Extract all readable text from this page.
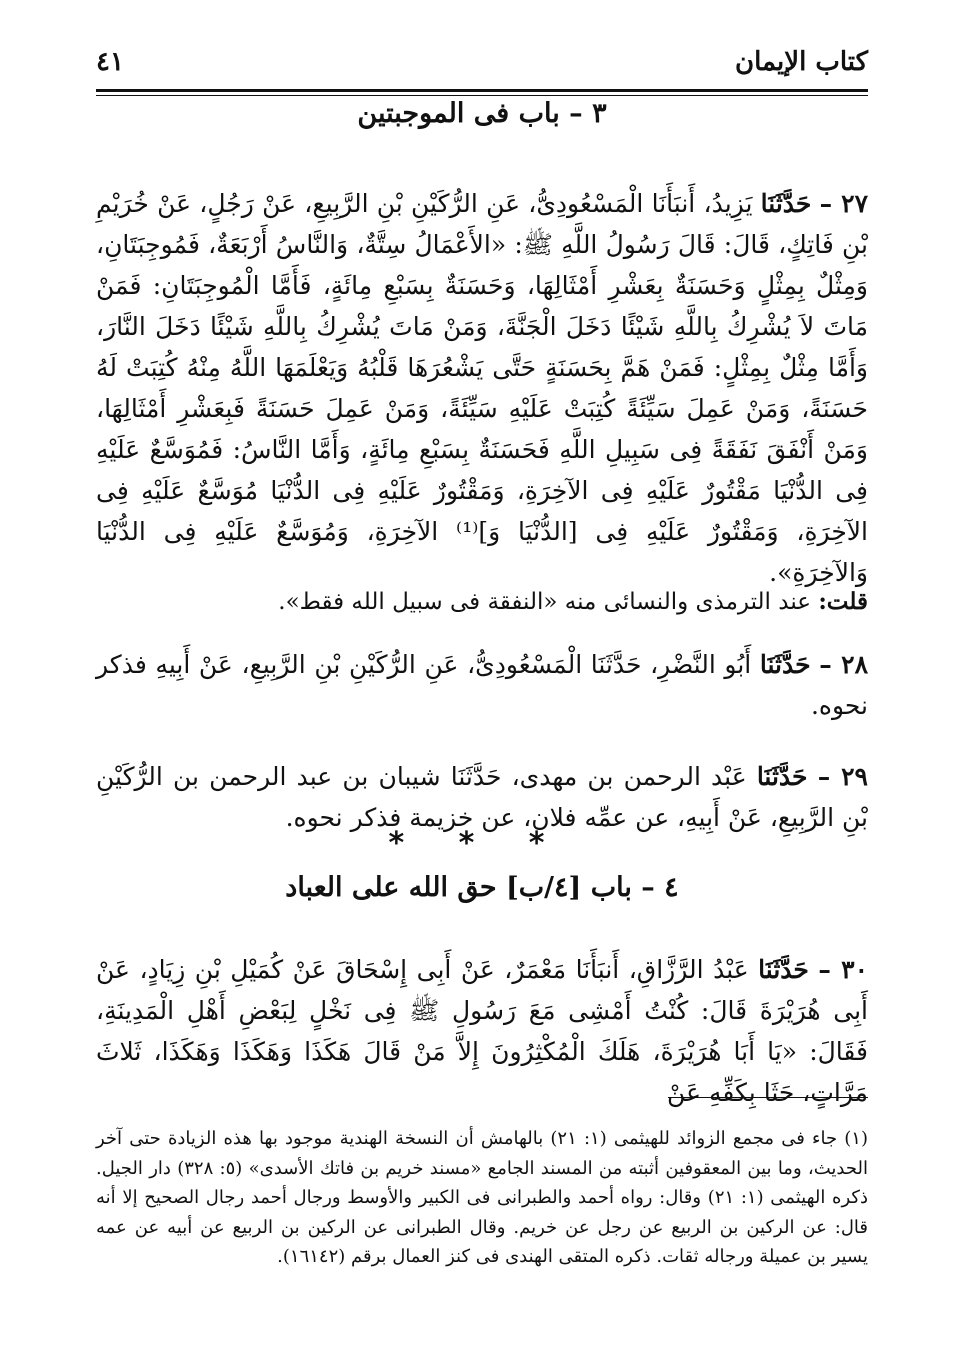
كتاب الإيمان
٤١
٣ – باب فى الموجبتين

٢٧ – حَدَّثَنَا يَزِيدُ، أَنبَأَنَا الْمَسْعُودِىُّ، عَنِ الرُّكَيْنِ بْنِ الرَّبِيعِ، عَنْ رَجُلٍ، عَنْ خُرَيْمِ بْنِ فَاتِكٍ، قَالَ: قَالَ رَسُولُ اللَّهِ ﷺ: «الأَعْمَالُ سِتَّةٌ، وَالنَّاسُ أَرْبَعَةٌ، فَمُوجِبَتَانِ، وَمِثْلٌ بِمِثْلٍ وَحَسَنَةٌ بِعَشْرِ أَمْثَالِهَا، وَحَسَنَةٌ بِسَبْعِ مِائَةٍ، فَأَمَّا الْمُوجِبَتَانِ: فَمَنْ مَاتَ لاَ يُشْرِكُ بِاللَّهِ شَيْئًا دَخَلَ الْجَنَّةَ، وَمَنْ مَاتَ يُشْرِكُ بِاللَّهِ شَيْئًا دَخَلَ النَّارَ، وَأَمَّا مِثْلٌ بِمِثْلٍ: فَمَنْ هَمَّ بِحَسَنَةٍ حَتَّى يَشْعُرَهَا قَلْبُهُ وَيَعْلَمَهَا اللَّهُ مِنْهُ كُتِبَتْ لَهُ حَسَنَةً، وَمَنْ عَمِلَ سَيِّئَةً كُتِبَتْ عَلَيْهِ سَيِّئَةً، وَمَنْ عَمِلَ حَسَنَةً فَبِعَشْرِ أَمْثَالِهَا، وَمَنْ أَنْفَقَ نَفَقَةً فِى سَبِيلِ اللَّهِ فَحَسَنَةٌ بِسَبْعِ مِائَةٍ، وَأَمَّا النَّاسُ: فَمُوَسَّعٌ عَلَيْهِ فِى الدُّنْيَا مَقْتُورٌ عَلَيْهِ فِى الآخِرَةِ، وَمَقْتُورٌ عَلَيْهِ فِى الدُّنْيَا مُوَسَّعٌ عَلَيْهِ فِى الآخِرَةِ، وَمَقْتُورٌ عَلَيْهِ فِى [الدُّنْيَا وَ]⁽¹⁾ الآخِرَةِ، وَمُوَسَّعٌ عَلَيْهِ فِى الدُّنْيَا وَالآخِرَةِ».

قلت: عند الترمذى والنسائى منه «النفقة فى سبيل الله فقط».

٢٨ – حَدَّثَنَا أَبُو النَّضْرِ، حَدَّثَنَا الْمَسْعُودِىُّ، عَنِ الرُّكَيْنِ بْنِ الرَّبِيعِ، عَنْ أَبِيهِ فذكر نحوه.

٢٩ – حَدَّثَنَا عَبْد الرحمن بن مهدى، حَدَّثَنَا شيبان بن عبد الرحمن بن الرُّكَيْنِ بْنِ الرَّبِيعِ، عَنْ أَبِيهِ، عن عمِّه فلان، عن خزيمة فذكر نحوه.

* * *
٤ – باب [٤/ب] حق الله على العباد

٣٠ – حَدَّثَنَا عَبْدُ الرَّزَّاقِ، أَنبَأَنَا مَعْمَرٌ، عَنْ أَبِى إِسْحَاقَ عَنْ كُمَيْلِ بْنِ زِيَادٍ، عَنْ أَبِى هُرَيْرَةَ قَالَ: كُنْتُ أَمْشِى مَعَ رَسُولِ ﷺ فِى نَخْلٍ لِبَعْضِ أَهْلِ الْمَدِينَةِ، فَقَالَ: «يَا أَبَا هُرَيْرَةَ، هَلَكَ الْمُكْثِرُونَ إِلاَّ مَنْ قَالَ هَكَذَا وَهَكَذَا وَهَكَذَا، ثَلاثَ مَرَّاتٍ، حَثَا بِكَفِّهِ عَنْ

(١) جاء فى مجمع الزوائد للهيثمى (١: ٢١) بالهامش أن النسخة الهندية موجود بها هذه الزيادة حتى آخر الحديث، وما بين المعقوفين أثبته من المسند الجامع «مسند خريم بن فاتك الأسدى» (٥: ٣٢٨) دار الجيل. ذكره الهيثمى (١: ٢١) وقال: رواه أحمد والطبرانى فى الكبير والأوسط ورجال أحمد رجال الصحيح إلا أنه قال: عن الركين بن الربيع عن رجل عن خريم. وقال الطبرانى عن الركين بن الربيع عن أبيه عن عمه يسير بن عميلة ورجاله ثقات. ذكره المتقى الهندى فى كنز العمال برقم (١٦١٤٢).
